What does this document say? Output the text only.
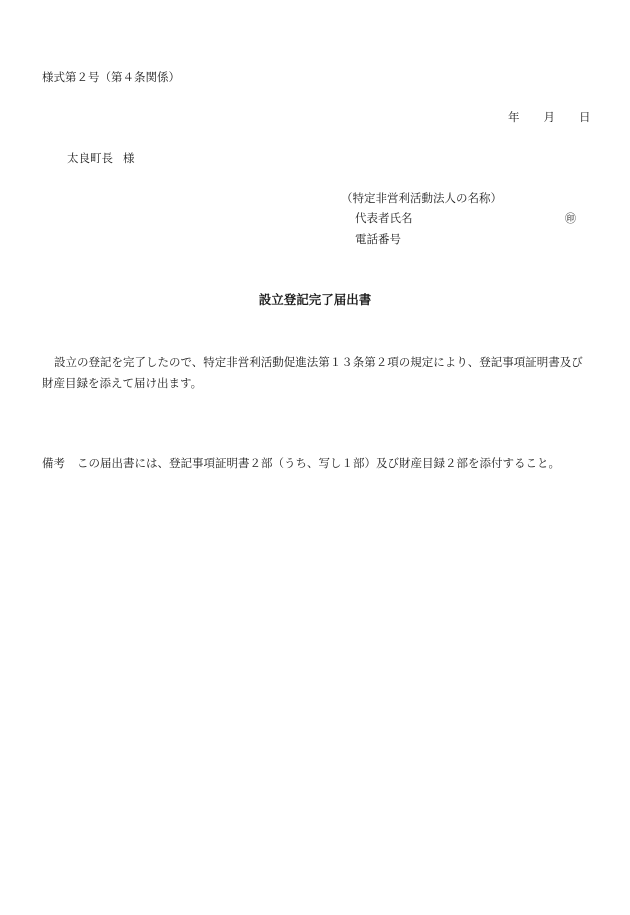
様式第２号（第４条関係）
年 月 日
太良町長 様
（特定非営利活動法人の名称）
代表者氏名	㊞
電話番号
設立登記完了届出書
設立の登記を完了したので、特定非営利活動促進法第１３条第２項の規定により、登記事項証明書及び財産目録を添えて届け出ます。
備考 この届出書には、登記事項証明書２部（うち、写し１部）及び財産目録２部を添付すること。
